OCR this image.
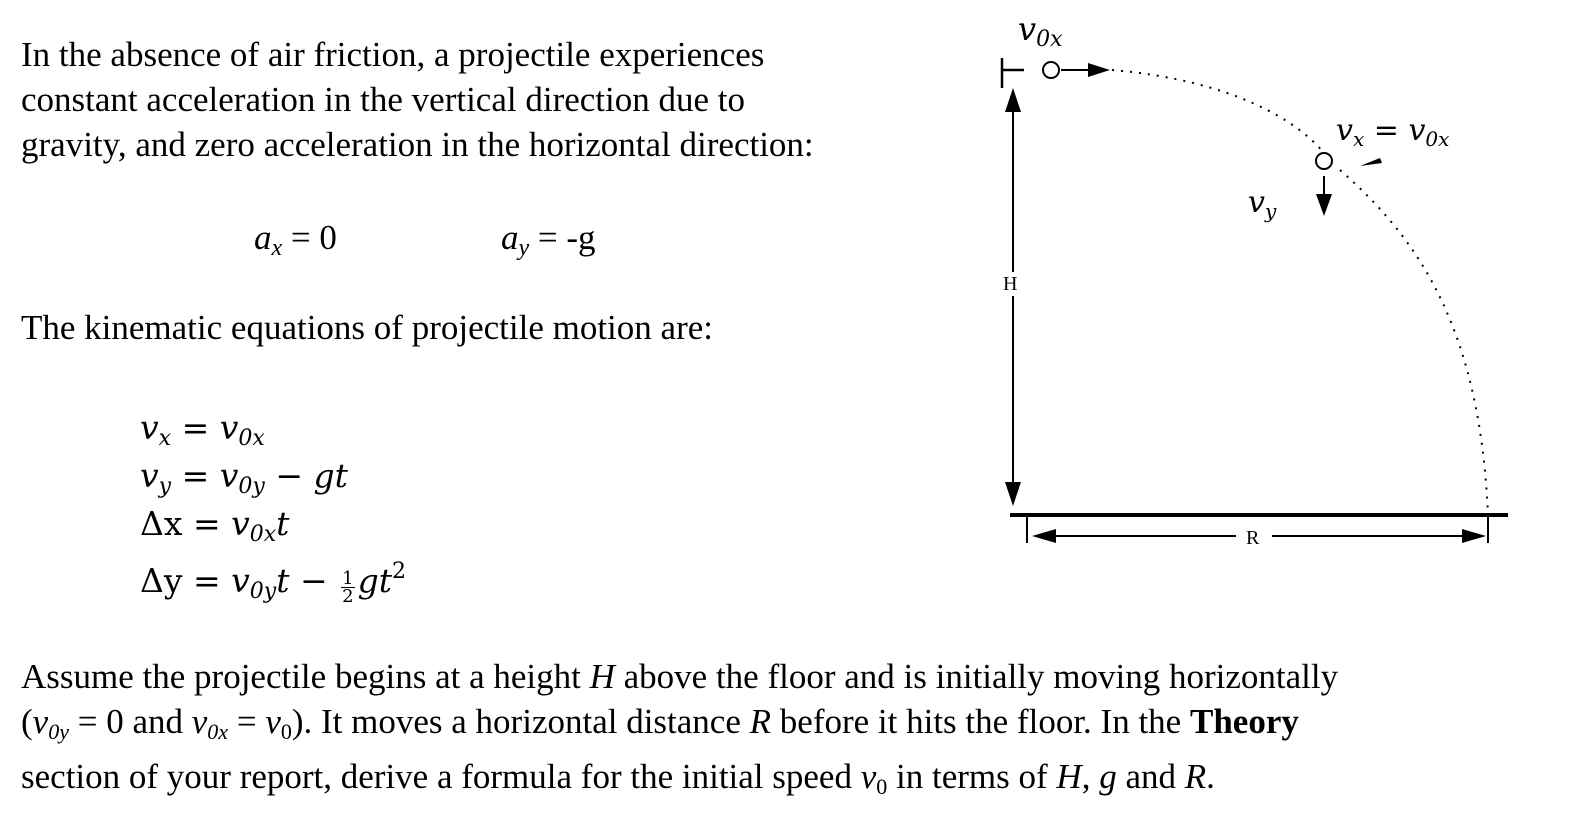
In the absence of air friction, a projectile experiences
constant acceleration in the vertical direction due to
gravity, and zero acceleration in the horizontal direction:
$a_x = 0$	$a_y = -g$
The kinematic equations of projectile motion are:
$v_x = v_{0x}$
$v_y = v_{0y}$ − gt
$\Delta x = v_{0x}t$
$\Delta y = v_{0y}t - \frac{1}{2} gt^2$
v0x
$v_x = v_{0x}$
$v_y$
H
R
Assume the projectile begins at a height H above the floor and is initially moving horizontally
($v_{0y} = 0$ and $v_{0x} = v_0$). It moves a horizontal distance R before it hits the floor. In the Theory
section of your report, derive a formula for the initial speed $v_0$ in terms of H, g and R.
